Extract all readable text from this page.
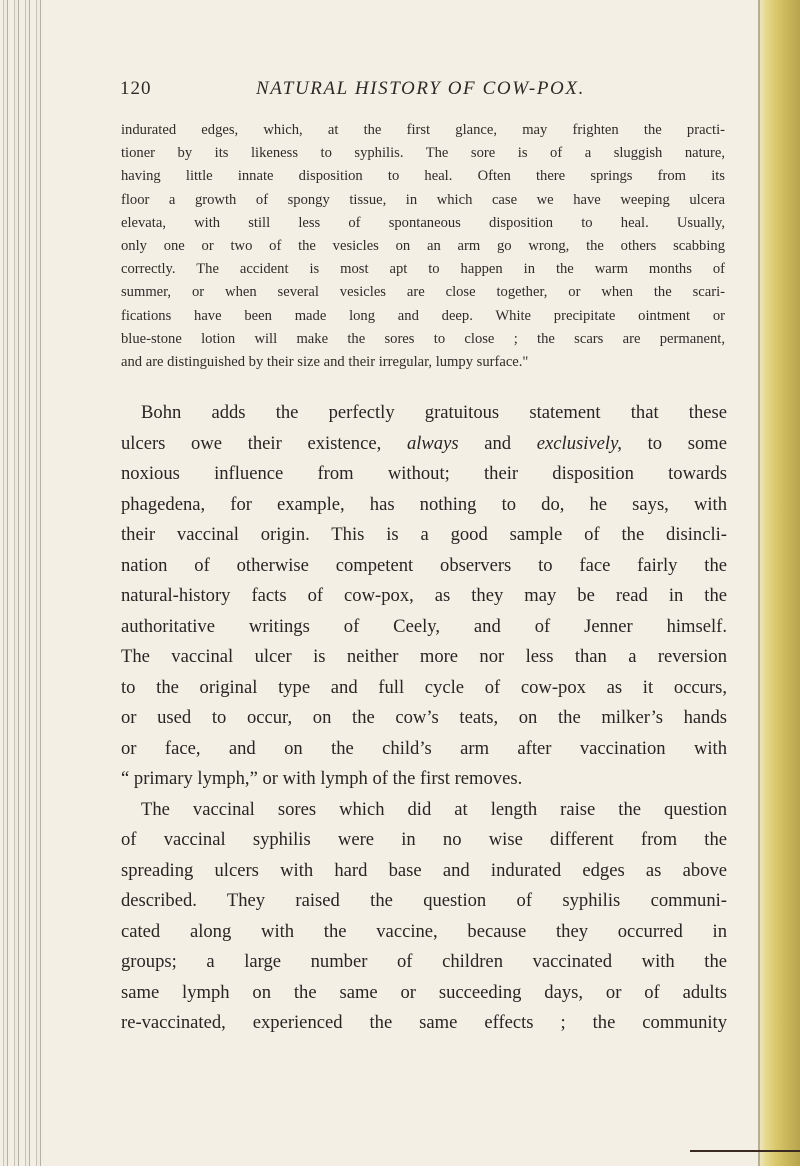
120	NATURAL HISTORY OF COW-POX.
indurated edges, which, at the first glance, may frighten the practi-
tioner by its likeness to syphilis. The sore is of a sluggish nature,
having little innate disposition to heal. Often there springs from its
floor a growth of spongy tissue, in which case we have weeping ulcera
elevata, with still less of spontaneous disposition to heal. Usually,
only one or two of the vesicles on an arm go wrong, the others scabbing
correctly. The accident is most apt to happen in the warm months of
summer, or when several vesicles are close together, or when the scari-
fications have been made long and deep. White precipitate ointment or
blue-stone lotion will make the sores to close ; the scars are permanent,
and are distinguished by their size and their irregular, lumpy surface."
Bohn adds the perfectly gratuitous statement that these
ulcers owe their existence, always and exclusively, to some
noxious influence from without; their disposition towards
phagedena, for example, has nothing to do, he says, with
their vaccinal origin. This is a good sample of the disincli-
nation of otherwise competent observers to face fairly the
natural-history facts of cow-pox, as they may be read in the
authoritative writings of Ceely, and of Jenner himself.
The vaccinal ulcer is neither more nor less than a reversion
to the original type and full cycle of cow-pox as it occurs,
or used to occur, on the cow’s teats, on the milker’s hands
or face, and on the child’s arm after vaccination with
“ primary lymph,” or with lymph of the first removes.
The vaccinal sores which did at length raise the question
of vaccinal syphilis were in no wise different from the
spreading ulcers with hard base and indurated edges as above
described. They raised the question of syphilis communi-
cated along with the vaccine, because they occurred in
groups; a large number of children vaccinated with the
same lymph on the same or succeeding days, or of adults
re-vaccinated, experienced the same effects ; the community
